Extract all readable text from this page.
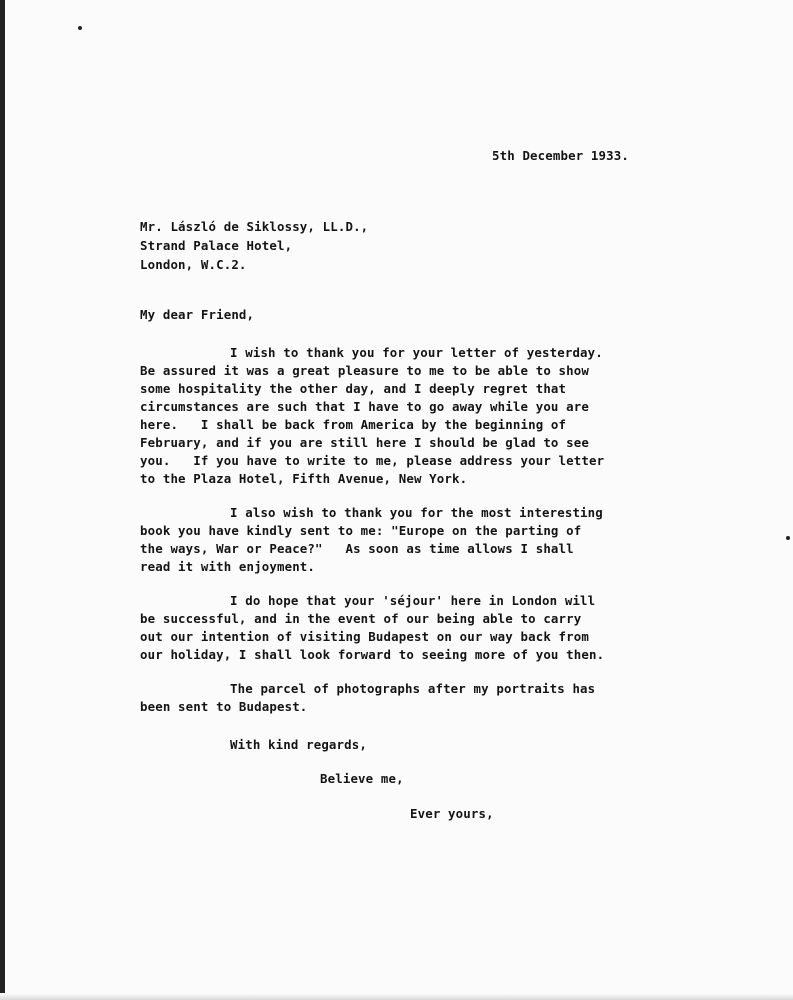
5th December 1933.
Mr. László de Siklossy, LL.D.,
Strand Palace Hotel,
London, W.C.2.
My dear Friend,
I wish to thank you for your letter of yesterday.
Be assured it was a great pleasure to me to be able to show
some hospitality the other day, and I deeply regret that
circumstances are such that I have to go away while you are
here.   I shall be back from America by the beginning of
February, and if you are still here I should be glad to see
you.   If you have to write to me, please address your letter
to the Plaza Hotel, Fifth Avenue, New York.
I also wish to thank you for the most interesting
book you have kindly sent to me: "Europe on the parting of
the ways, War or Peace?"   As soon as time allows I shall
read it with enjoyment.
I do hope that your 'séjour' here in London will
be successful, and in the event of our being able to carry
out our intention of visiting Budapest on our way back from
our holiday, I shall look forward to seeing more of you then.
The parcel of photographs after my portraits has
been sent to Budapest.
With kind regards,
Believe me,
Ever yours,
